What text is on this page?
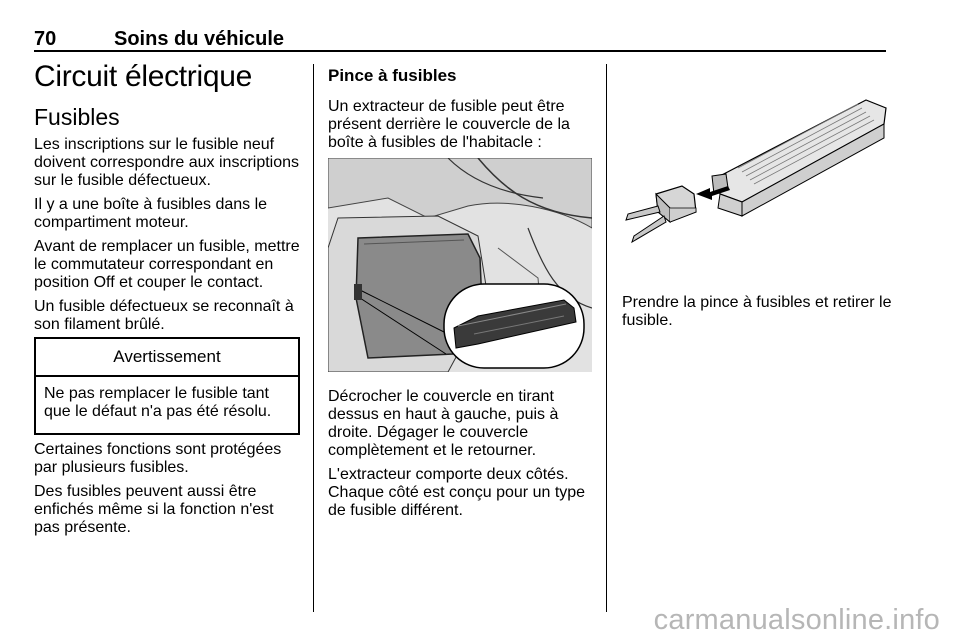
70	Soins du véhicule
Circuit électrique
Fusibles

Les inscriptions sur le fusible neuf doivent correspondre aux inscriptions sur le fusible défectueux.

Il y a une boîte à fusibles dans le compartiment moteur.

Avant de remplacer un fusible, mettre le commutateur correspondant en position Off et couper le contact.

Un fusible défectueux se reconnaît à son filament brûlé.

Avertissement
Ne pas remplacer le fusible tant que le défaut n'a pas été résolu.

Certaines fonctions sont protégées par plusieurs fusibles.

Des fusibles peuvent aussi être enfichés même si la fonction n'est pas présente.

Pince à fusibles

Un extracteur de fusible peut être présent derrière le couvercle de la boîte à fusibles de l'habitacle :

Décrocher le couvercle en tirant dessus en haut à gauche, puis à droite. Dégager le couvercle complètement et le retourner.

L'extracteur comporte deux côtés. Chaque côté est conçu pour un type de fusible différent.

Prendre la pince à fusibles et retirer le fusible.

carmanualsonline.info
